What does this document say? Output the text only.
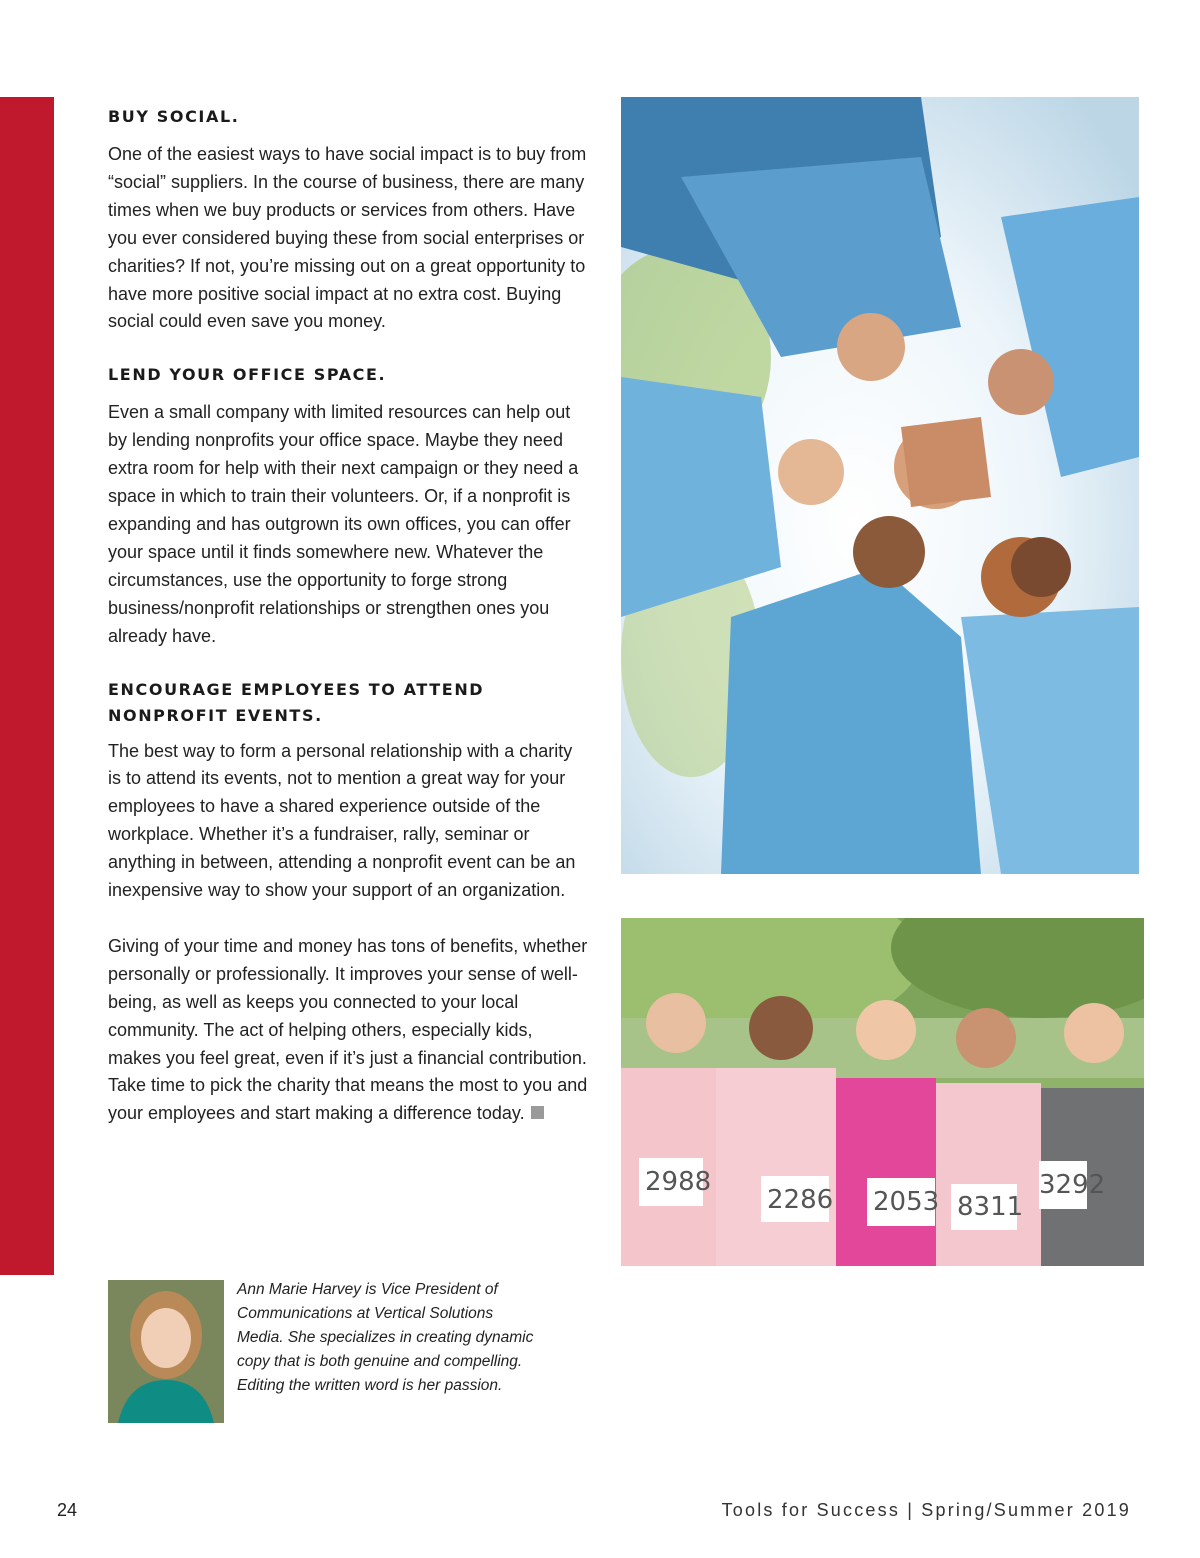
BUY SOCIAL.

One of the easiest ways to have social impact is to buy from “social” suppliers. In the course of business, there are many times when we buy products or services from others. Have you ever considered buying these from social enterprises or charities? If not, you’re missing out on a great opportunity to have more positive social impact at no extra cost. Buying social could even save you money.

LEND YOUR OFFICE SPACE.

Even a small company with limited resources can help out by lending nonprofits your office space. Maybe they need extra room for help with their next campaign or they need a space in which to train their volunteers. Or, if a nonprofit is expanding and has outgrown its own offices, you can offer your space until it finds somewhere new. Whatever the circumstances, use the opportunity to forge strong business/nonprofit relationships or strengthen ones you already have.

ENCOURAGE EMPLOYEES TO ATTEND NONPROFIT EVENTS.

The best way to form a personal relationship with a charity is to attend its events, not to mention a great way for your employees to have a shared experience outside of the workplace. Whether it’s a fundraiser, rally, seminar or anything in between, attending a nonprofit event can be an inexpensive way to show your support of an organization.

Giving of your time and money has tons of benefits, whether personally or professionally. It improves your sense of well-being, as well as keeps you connected to your local community. The act of helping others, especially kids, makes you feel great, even if it’s just a financial contribution. Take time to pick the charity that means the most to you and your employees and start making a difference today.

2988
2286 2053 8311
3292

Ann Marie Harvey is Vice President of Communications at Vertical Solutions Media. She specializes in creating dynamic copy that is both genuine and compelling. Editing the written word is her passion.

24	Tools for Success | Spring/Summer 2019
